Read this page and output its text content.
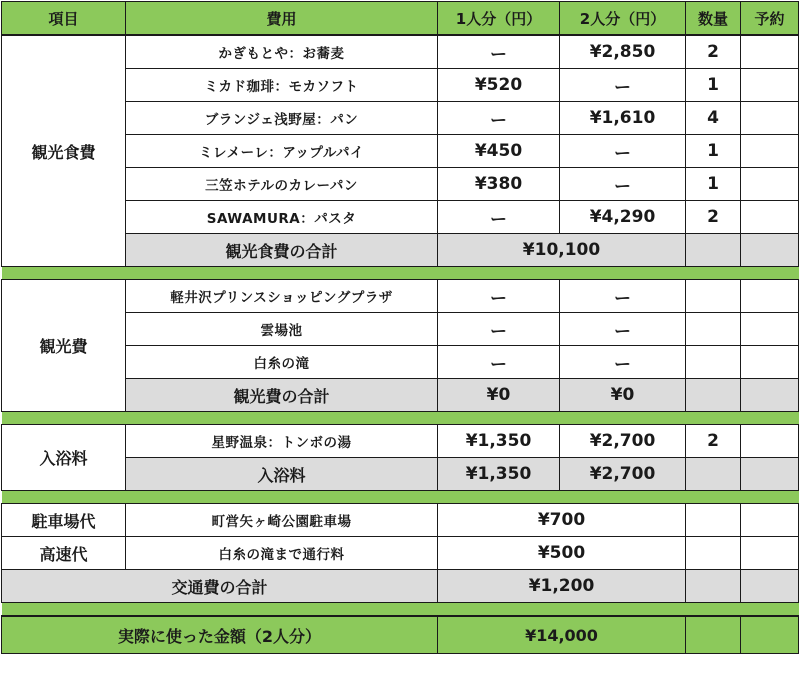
項目	費用	1人分（円）	2人分（円）	数量	予約
観光食費	かぎもとや：お蕎麦	ー	¥2,850	2	
	ミカド珈琲：モカソフト	¥520	ー	1	
	ブランジェ浅野屋：パン	ー	¥1,610	4	
	ミレメーレ：アップルパイ	¥450	ー	1	
	三笠ホテルのカレーパン	¥380	ー	1	
	SAWAMURA：パスタ	ー	¥4,290	2	
	観光食費の合計	¥10,100			

観光費	軽井沢プリンスショッピングプラザ	ー	ー		
	雲場池	ー	ー		
	白糸の滝	ー	ー		
	観光費の合計	¥0	¥0		

入浴料	星野温泉：トンボの湯	¥1,350	¥2,700	2	
	入浴料	¥1,350	¥2,700		

駐車場代	町営矢ヶ崎公園駐車場	¥700			
高速代	白糸の滝まで通行料	¥500			
交通費の合計		¥1,200			

実際に使った金額（2人分）		¥14,000			
